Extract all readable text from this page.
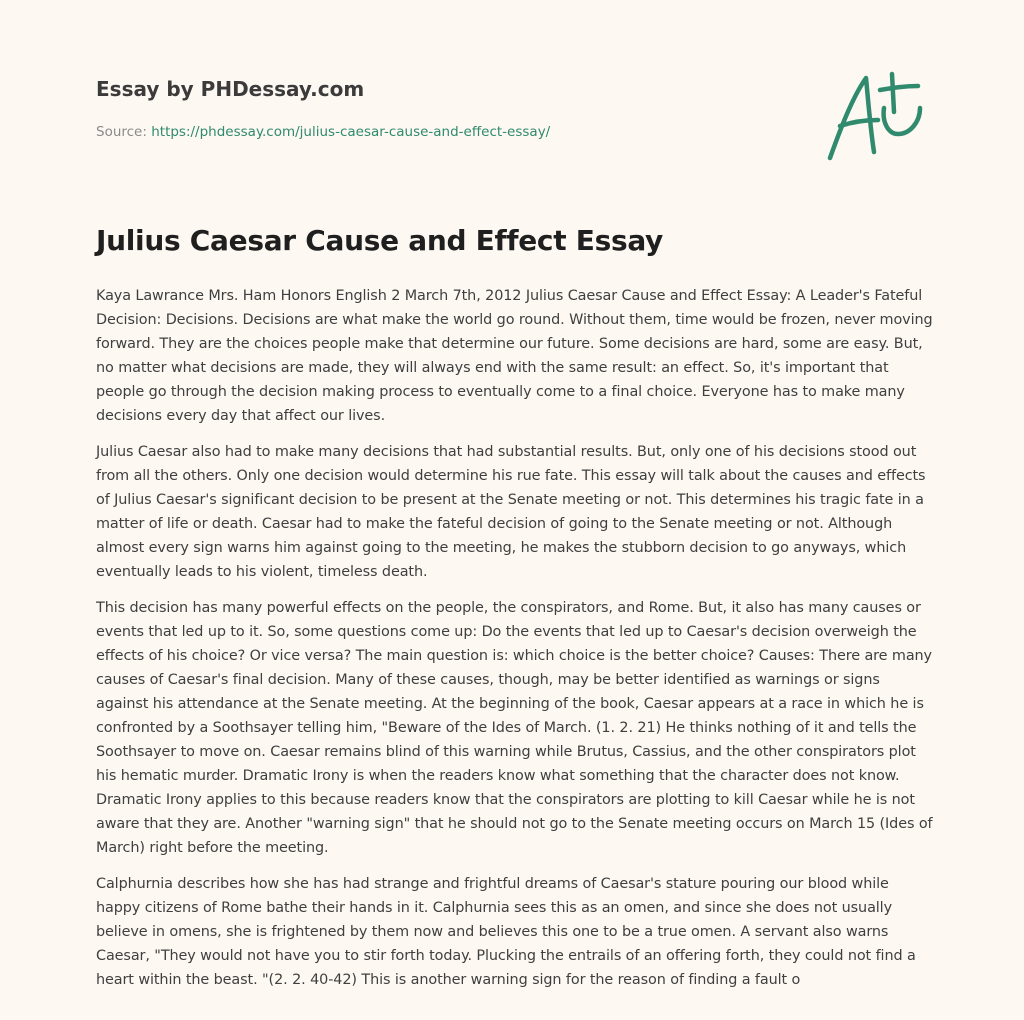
Essay by PHDessay.com
Source: https://phdessay.com/julius-caesar-cause-and-effect-essay/
Julius Caesar Cause and Effect Essay

Kaya Lawrance Mrs. Ham Honors English 2 March 7th, 2012 Julius Caesar Cause and Effect Essay: A Leader's Fateful Decision: Decisions. Decisions are what make the world go round. Without them, time would be frozen, never moving forward. They are the choices people make that determine our future. Some decisions are hard, some are easy. But, no matter what decisions are made, they will always end with the same result: an effect. So, it's important that people go through the decision making process to eventually come to a final choice. Everyone has to make many decisions every day that affect our lives.

Julius Caesar also had to make many decisions that had substantial results. But, only one of his decisions stood out from all the others. Only one decision would determine his rue fate. This essay will talk about the causes and effects of Julius Caesar's significant decision to be present at the Senate meeting or not. This determines his tragic fate in a matter of life or death. Caesar had to make the fateful decision of going to the Senate meeting or not. Although almost every sign warns him against going to the meeting, he makes the stubborn decision to go anyways, which eventually leads to his violent, timeless death.

This decision has many powerful effects on the people, the conspirators, and Rome. But, it also has many causes or events that led up to it. So, some questions come up: Do the events that led up to Caesar's decision overweigh the effects of his choice? Or vice versa? The main question is: which choice is the better choice? Causes: There are many causes of Caesar's final decision. Many of these causes, though, may be better identified as warnings or signs against his attendance at the Senate meeting. At the beginning of the book, Caesar appears at a race in which he is confronted by a Soothsayer telling him, "Beware of the Ides of March. (1. 2. 21) He thinks nothing of it and tells the Soothsayer to move on. Caesar remains blind of this warning while Brutus, Cassius, and the other conspirators plot his hematic murder. Dramatic Irony is when the readers know what something that the character does not know. Dramatic Irony applies to this because readers know that the conspirators are plotting to kill Caesar while he is not aware that they are. Another "warning sign" that he should not go to the Senate meeting occurs on March 15 (Ides of March) right before the meeting.

Calphurnia describes how she has had strange and frightful dreams of Caesar's stature pouring our blood while happy citizens of Rome bathe their hands in it. Calphurnia sees this as an omen, and since she does not usually believe in omens, she is frightened by them now and believes this one to be a true omen. A servant also warns Caesar, "They would not have you to stir forth today. Plucking the entrails of an offering forth, they could not find a heart within the beast. "(2. 2. 40-42) This is another warning sign for the reason of finding a fault o
